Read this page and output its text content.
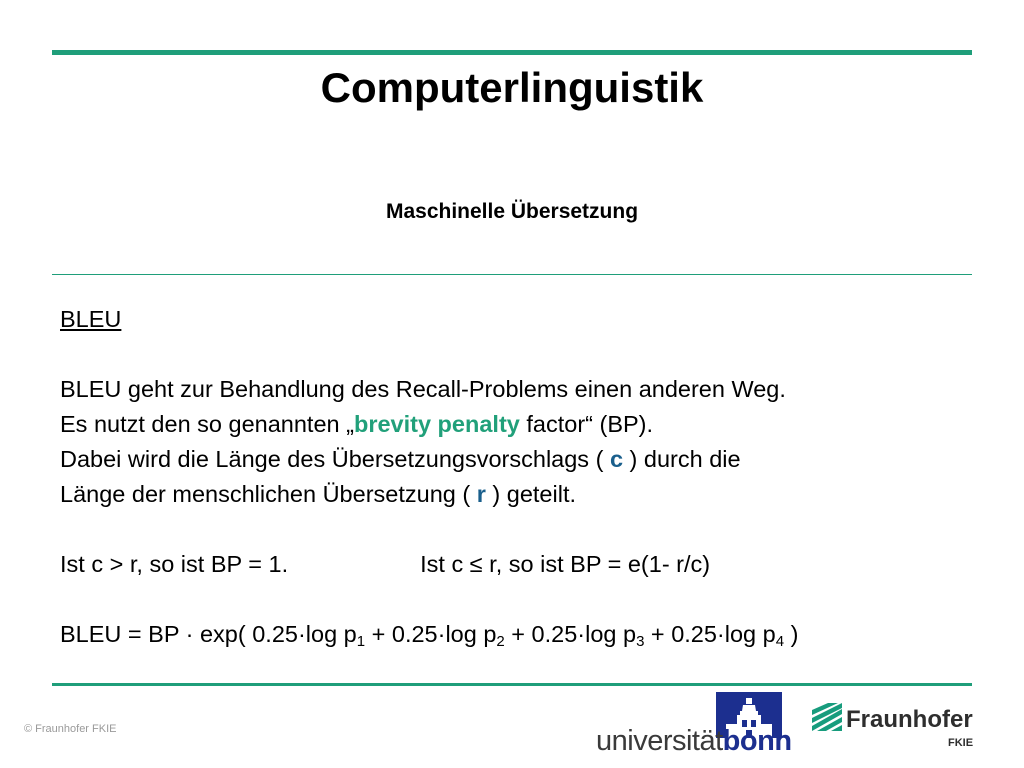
Computerlinguistik
Maschinelle Übersetzung

BLEU

BLEU geht zur Behandlung des Recall-Problems einen anderen Weg.

Es nutzt den so genannten „brevity penalty factor“ (BP).

Dabei wird die Länge des Übersetzungsvorschlags ( c ) durch die

Länge der menschlichen Übersetzung ( r ) geteilt.

Ist c > r, so ist BP = 1.	Ist c ≤ r, so ist BP = e(1- r/c)

BLEU = BP · exp( 0.25·log $p_1 + 0.25\cdot\log$ $p_2 + 0.25\cdot\log$ $p_3 + 0.25\cdot\log$ $p_4$ )

© Fraunhofer FKIE	universitätbonn
Fraunhofer
FKIE
